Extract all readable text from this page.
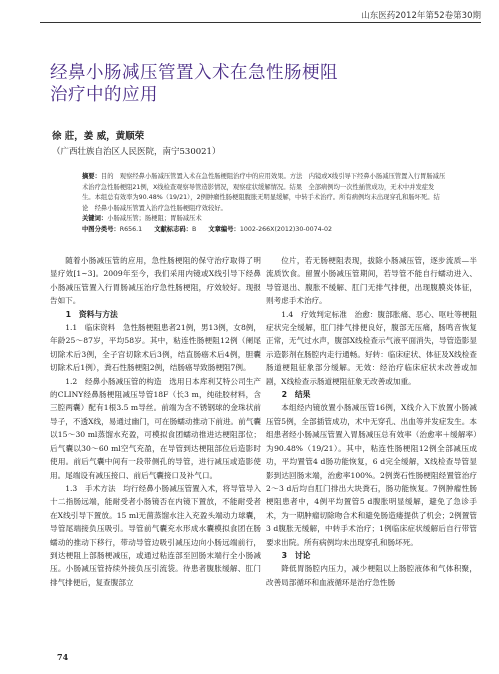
山东医药2012年第52卷第30期
经鼻小肠减压管置入术在急性肠梗阻
治疗中的应用
徐 莊，姜 威，黄顺荣
（广西壮族自治区人民医院，南宁530021）
摘要：目的　观察经鼻小肠减压管置入术在急性肠梗阻治疗中的应用效果。方法　内镜或X线引导下经鼻小肠减压管置入行胃肠减压术治疗急性肠梗阻21例，X线检查观察导管造影情况，观察症状缓解情况。结果　全部病例均一次性插管成功，无术中并发症发生。本组总有效率为90.48%（19/21），2例肿瘤性肠梗阻腹胀无明显缓解，中转手术治疗。所有病例均未出现穿孔和肠坏死。结论　经鼻小肠减压管置入治疗急性肠梗阻疗效较好。
关键词：小肠减压管；肠梗阻；胃肠减压术
中图分类号：R656.1 文献标志码：B 文章编号：1002-266X(2012)30-0074-02

随着小肠减压管的应用，急性肠梗阻的保守治疗取得了明显疗效[1~3]。2009年至今，我们采用内镜或X线引导下经鼻小肠减压管置入行胃肠减压治疗急性肠梗阻，疗效较好。现报告如下。

1　资料与方法

1.1　临床资料　急性肠梗阻患者21例，男13例，女8例，年龄25～87岁，平均58岁。其中，粘连性肠梗阻12例（阑尾切除术后3例，全子宫切除术后3例，结直肠癌术后4例，胆囊切除术后1例），粪石性肠梗阻2例，结肠癌导致肠梗阻7例。

1.2　经鼻小肠减压管的构造　选用日本库利艾特公司生产的CLINY经鼻肠梗阻减压导管18F（长3 m，纯硅胶材料，含三腔两囊）配有1根3.5 m导丝。前端为含不锈钢球的金珠状前导子，不透X线，易通过幽门，可在肠蠕动推动下前进。前气囊以15～30 ml蒸馏水充盈，可模拟食团蠕动推进达梗阻部位；后气囊以30～60 ml空气充盈，在导管到达梗阻部位后造影时使用。前后气囊中间有一段带侧孔的导管，进行减压或造影使用。尾端设有减压接口、前后气囊接口及补气口。

1.3　手术方法　均行经鼻小肠减压管置入术，将导管导入十二指肠远端，能耐受者小肠镜否在内镜下置放，不能耐受者在X线引导下置放。15 ml无菌蒸馏水注入充盈头端动力球囊，导管尾端接负压吸引。导管前气囊充水形成水囊模拟食团在肠蠕动的推动下移行，带动导管边吸引减压边向小肠远端前行，到达梗阻上部肠梗减压，或通过粘连部至回肠末端行全小肠减压。小肠减压管持续外接负压引流袋。待患者腹胀缓解、肛门排气排便后，复查腹部立

位片，若无肠梗阻表现，拔除小肠减压管，逐步流质—半流质饮食。留置小肠减压管期间，若导管不能自行蠕动进入、导管退出、腹胀不缓解、肛门无排气排便，出现腹膜炎体征，则考虑手术治疗。

1.4　疗效判定标准　治愈：腹部胀痛、恶心、呕吐等梗阻症状完全缓解，肛门排气排便良好，腹部无压痛，肠鸣音恢复正常，无气过水声，腹部X线检查示气液平面消失，导管造影显示造影剂在肠腔内走行通畅。好转：临床症状、体征及X线检查肠道梗阻征象部分缓解。无效：经治疗临床症状未改善或加剧，X线检查示肠道梗阻征象无改善或加重。

2　结果

本组经内镜放置小肠减压管16例，X线介入下放置小肠减压管5例，全部插管成功，术中无穿孔、出血等并发症发生。本组患者经小肠减压管置入胃肠减压总有效率（治愈率＋缓解率）为90.48%（19/21）。其中，粘连性肠梗阻12例全部减压成功，平均置管4 d肠功能恢复，6 d完全缓解，X线检查导管显影到达回肠末端，治愈率100%。2例粪石性肠梗阻经置管治疗2～3 d后均自肛门排出大块粪石，肠功能恢复。7例肿瘤性肠梗阻患者中，4例平均置管5 d腹胀明显缓解，避免了急诊手术，为一期肿瘤切除吻合术和避免肠造瘘提供了机会；2例置管3 d腹胀无缓解，中转手术治疗；1例临床症状缓解后自行带管要求出院。所有病例均未出现穿孔和肠坏死。

3　讨论

降低胃肠腔内压力，减少梗阻以上肠腔液体和气体积聚，改善局部循环和血液循环是治疗急性肠

74
